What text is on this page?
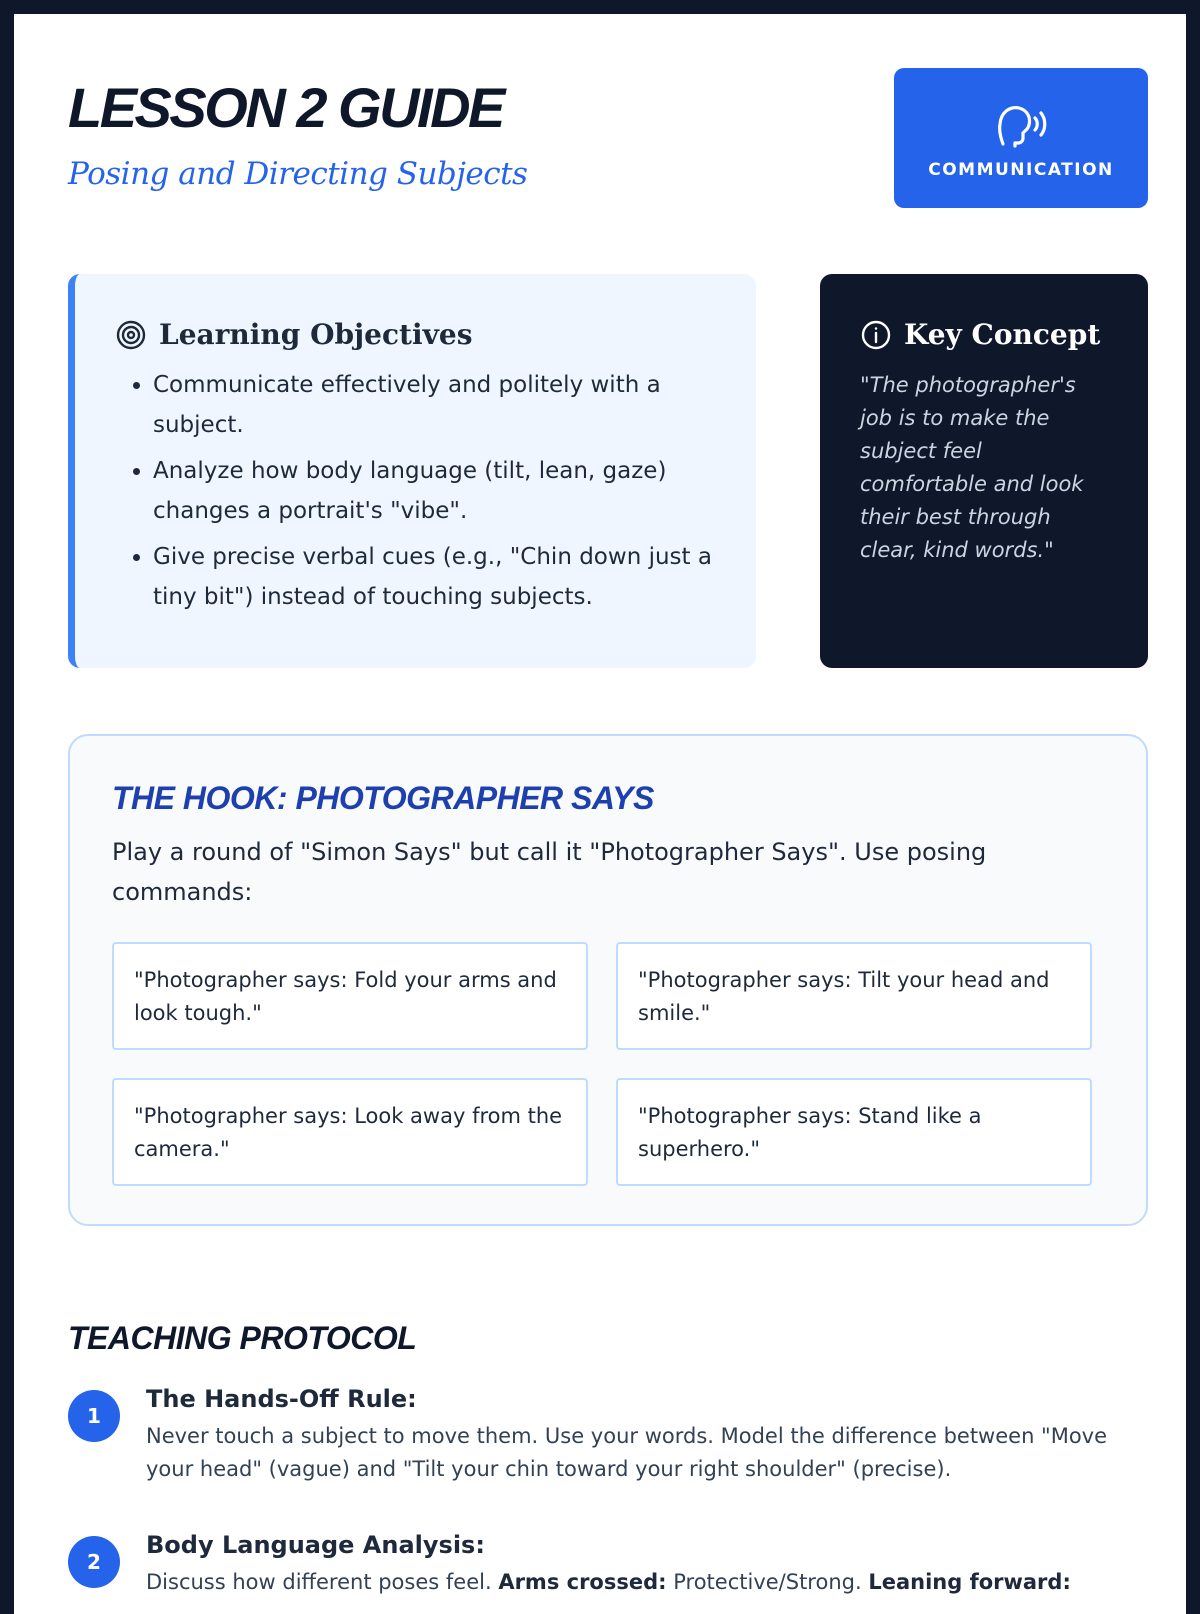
LESSON 2 GUIDE

Posing and Directing Subjects	COMMUNICATION
Learning Objectives
• Communicate effectively and politely with a subject.
• Analyze how body language (tilt, lean, gaze) changes a portrait's "vibe".
• Give precise verbal cues (e.g., "Chin down just a tiny bit") instead of touching subjects.
Key Concept

"The photographer's job is to make the subject feel comfortable and look their best through clear, kind words."

THE HOOK: PHOTOGRAPHER SAYS

Play a round of "Simon Says" but call it "Photographer Says". Use posing commands:

"Photographer says: Fold your arms and look tough."
"Photographer says: Tilt your head and smile."
"Photographer says: Look away from the camera."
"Photographer says: Stand like a superhero."
TEACHING PROTOCOL
1

The Hands-Off Rule:

Never touch a subject to move them. Use your words. Model the difference between "Move your head" (vague) and "Tilt your chin toward your right shoulder" (precise).

2

Body Language Analysis:

Discuss how different poses feel. Arms crossed: Protective/Strong. Leaning forward:
